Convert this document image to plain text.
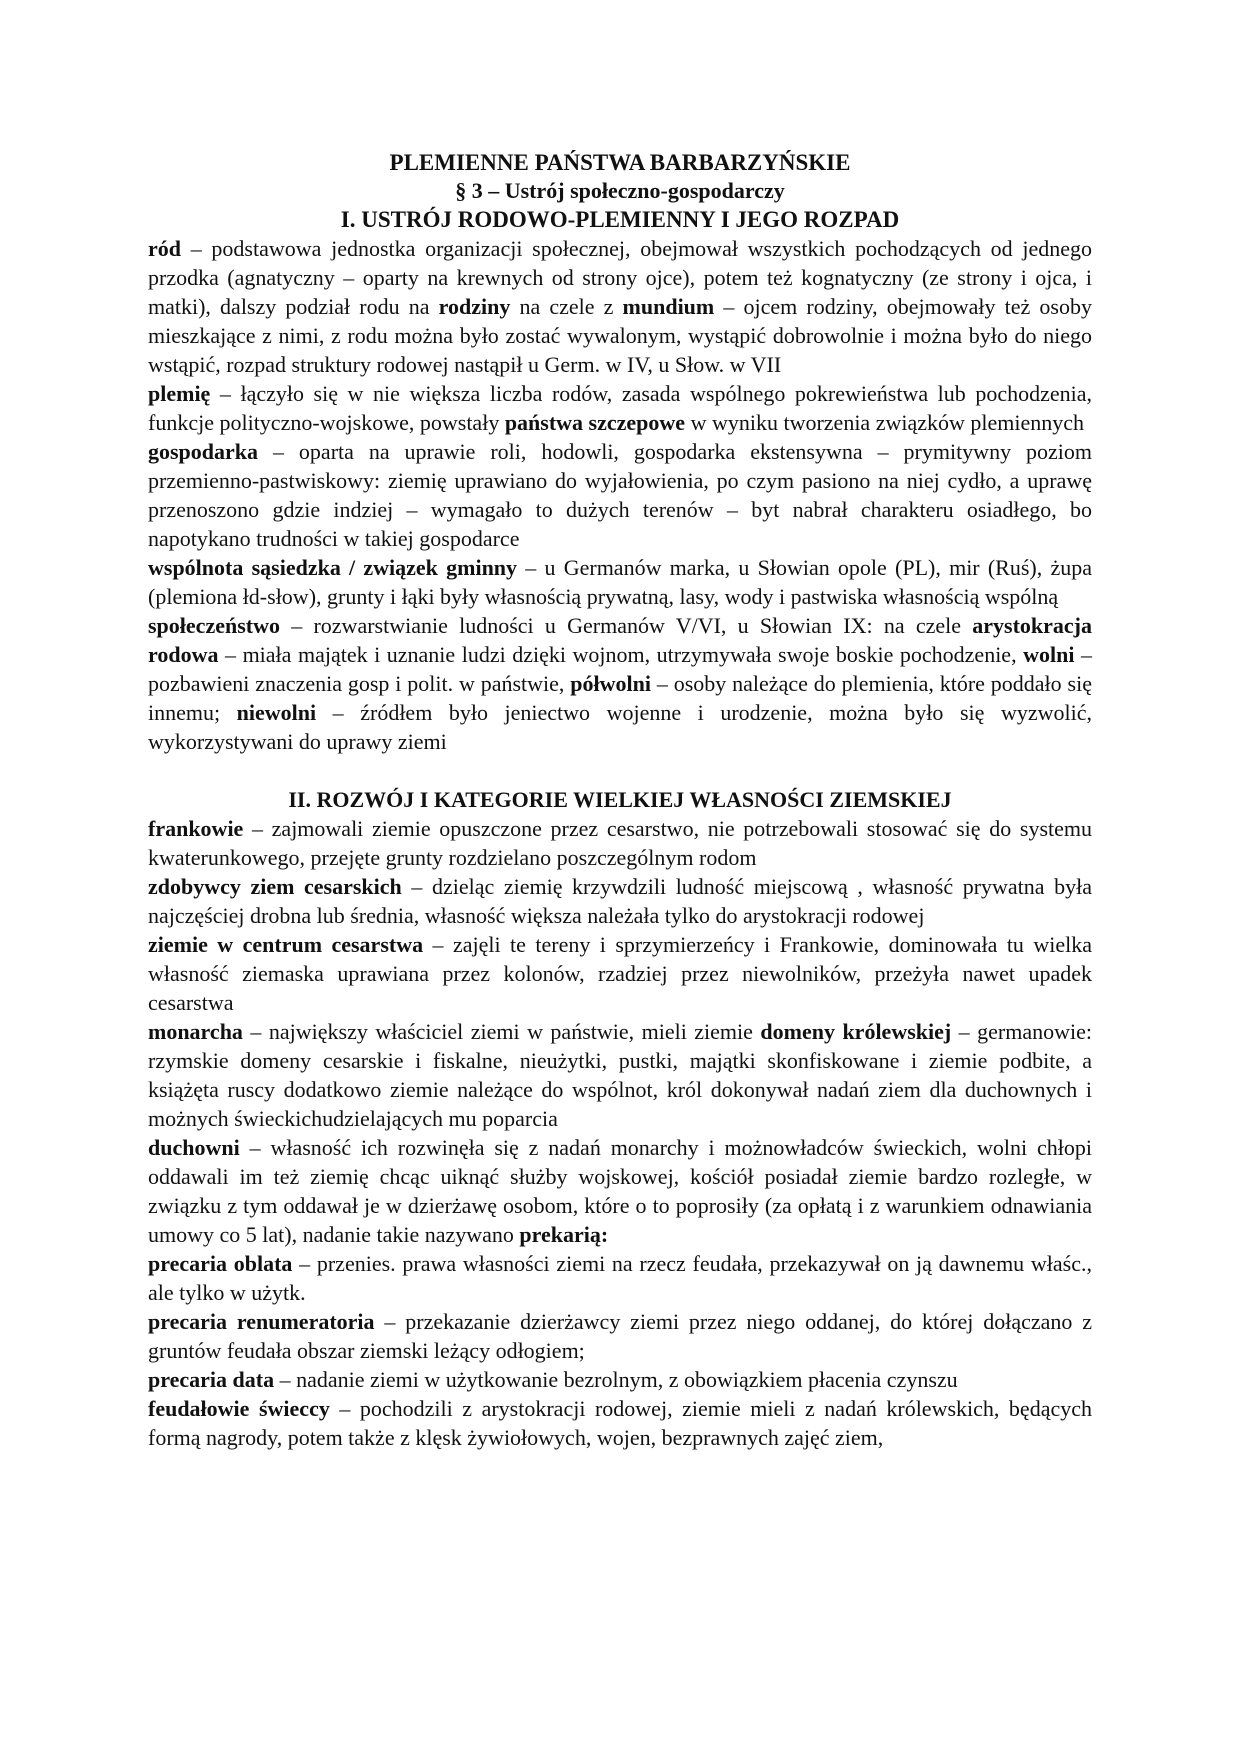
PLEMIENNE PAŃSTWA BARBARZYŃSKIE
§ 3 – Ustrój społeczno-gospodarczy
I. USTRÓJ RODOWO-PLEMIENNY I JEGO ROZPAD

ród – podstawowa jednostka organizacji społecznej, obejmował wszystkich pochodzących od jednego przodka (agnatyczny – oparty na krewnych od strony ojce), potem też kognatyczny (ze strony i ojca, i matki), dalszy podział rodu na rodziny na czele z mundium – ojcem rodziny, obejmowały też osoby mieszkające z nimi, z rodu można było zostać wywalonym, wystąpić dobrowolnie i można było do niego wstąpić, rozpad struktury rodowej nastąpił u Germ. w IV, u Słow. w VII

plemię – łączyło się w nie większa liczba rodów, zasada wspólnego pokrewieństwa lub pochodzenia, funkcje polityczno-wojskowe, powstały państwa szczepowe w wyniku tworzenia związków plemiennych

gospodarka – oparta na uprawie roli, hodowli, gospodarka ekstensywna – prymitywny poziom przemienno-pastwiskowy: ziemię uprawiano do wyjałowienia, po czym pasiono na niej cydło, a uprawę przenoszono gdzie indziej – wymagało to dużych terenów – byt nabrał charakteru osiadłego, bo napotykano trudności w takiej gospodarce

wspólnota sąsiedzka / związek gminny – u Germanów marka, u Słowian opole (PL), mir (Ruś), żupa (plemiona łd-słow), grunty i łąki były własnością prywatną, lasy, wody i pastwiska własnością wspólną

społeczeństwo – rozwarstwianie ludności u Germanów V/VI, u Słowian IX: na czele arystokracja rodowa – miała majątek i uznanie ludzi dzięki wojnom, utrzymywała swoje boskie pochodzenie, wolni – pozbawieni znaczenia gosp i polit. w państwie, półwolni – osoby należące do plemienia, które poddało się innemu; niewolni – źródłem było jeniectwo wojenne i urodzenie, można było się wyzwolić, wykorzystywani do uprawy ziemi

II. ROZWÓJ I KATEGORIE WIELKIEJ WŁASNOŚCI ZIEMSKIEJ

frankowie – zajmowali ziemie opuszczone przez cesarstwo, nie potrzebowali stosować się do systemu kwaterunkowego, przejęte grunty rozdzielano poszczególnym rodom

zdobywcy ziem cesarskich – dzieląc ziemię krzywdzili ludność miejscową , własność prywatna była najczęściej drobna lub średnia, własność większa należała tylko do arystokracji rodowej

ziemie w centrum cesarstwa – zajęli te tereny i sprzymierzeńcy i Frankowie, dominowała tu wielka własność ziemaska uprawiana przez kolonów, rzadziej przez niewolników, przeżyła nawet upadek cesarstwa

monarcha – największy właściciel ziemi w państwie, mieli ziemie domeny królewskiej – germanowie: rzymskie domeny cesarskie i fiskalne, nieużytki, pustki, majątki skonfiskowane i ziemie podbite, a książęta ruscy dodatkowo ziemie należące do wspólnot, król dokonywał nadań ziem dla duchownych i możnych świeckichudzielających mu poparcia

duchowni – własność ich rozwinęła się z nadań monarchy i możnowładców świeckich, wolni chłopi oddawali im też ziemię chcąc uiknąć służby wojskowej, kościół posiadał ziemie bardzo rozległe, w związku z tym oddawał je w dzierżawę osobom, które o to poprosiły (za opłatą i z warunkiem odnawiania umowy co 5 lat), nadanie takie nazywano prekarią:

precaria oblata – przenies. prawa własności ziemi na rzecz feudała, przekazywał on ją dawnemu właśc., ale tylko w użytk.

precaria renumeratoria – przekazanie dzierżawcy ziemi przez niego oddanej, do której dołączano z gruntów feudała obszar ziemski leżący odłogiem;

precaria data – nadanie ziemi w użytkowanie bezrolnym, z obowiązkiem płacenia czynszu

feudałowie świeccy – pochodzili z arystokracji rodowej, ziemie mieli z nadań królewskich, będących formą nagrody, potem także z klęsk żywiołowych, wojen, bezprawnych zajęć ziem,
